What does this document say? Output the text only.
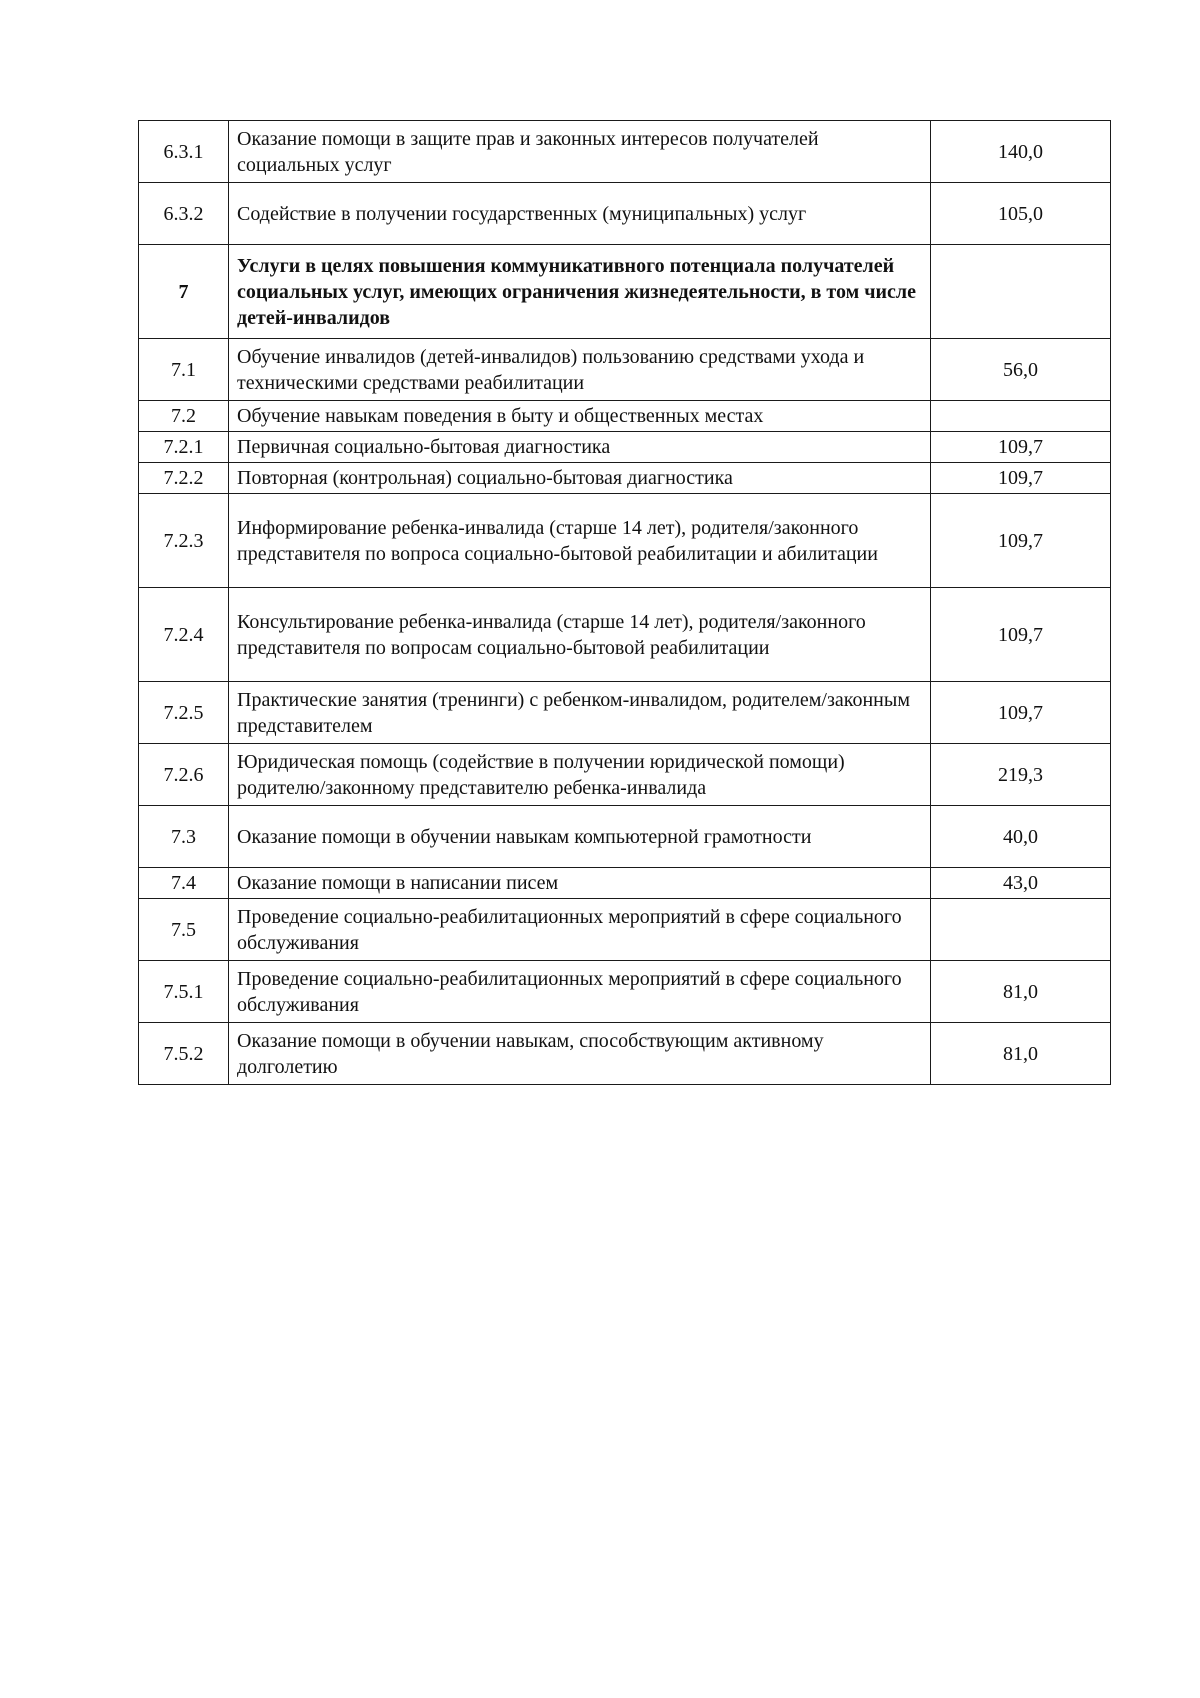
6.3.1	Оказание помощи в защите прав и законных интересов получателей социальных услуг	140,0
6.3.2	Содействие в получении государственных (муниципальных) услуг	105,0
7	Услуги в целях повышения коммуникативного потенциала получателей социальных услуг, имеющих ограничения жизнедеятельности, в том числе детей-инвалидов	
7.1	Обучение инвалидов (детей-инвалидов) пользованию средствами ухода и техническими средствами реабилитации	56,0
7.2	Обучение навыкам поведения в быту и общественных местах	
7.2.1	Первичная социально-бытовая диагностика	109,7
7.2.2	Повторная (контрольная) социально-бытовая диагностика	109,7
7.2.3	Информирование ребенка-инвалида (старше 14 лет), родителя/законного представителя по вопроса социально-бытовой реабилитации и абилитации	109,7
7.2.4	Консультирование ребенка-инвалида (старше 14 лет), родителя/законного представителя по вопросам социально-бытовой реабилитации	109,7
7.2.5	Практические занятия (тренинги) с ребенком-инвалидом, родителем/законным представителем	109,7
7.2.6	Юридическая помощь (содействие в получении юридической помощи) родителю/законному представителю ребенка-инвалида	219,3
7.3	Оказание помощи в обучении навыкам компьютерной грамотности	40,0
7.4	Оказание помощи в написании писем	43,0
7.5	Проведение социально-реабилитационных мероприятий в сфере социального обслуживания	
7.5.1	Проведение социально-реабилитационных мероприятий в сфере социального обслуживания	81,0
7.5.2	Оказание помощи в обучении навыкам, способствующим активному долголетию	81,0
